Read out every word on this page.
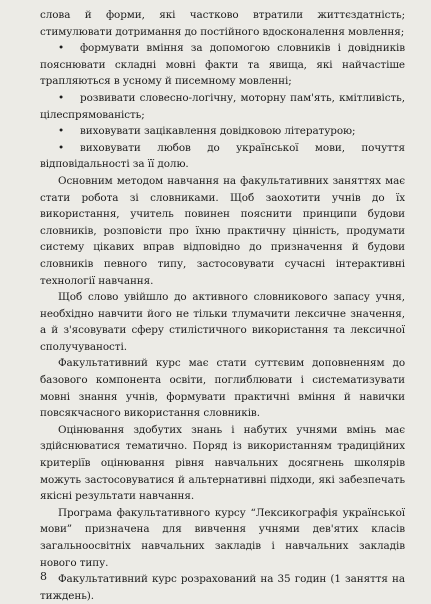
слова й форми, які частково втратили життєздатність; стимулювати дотримання до постійного вдосконалення мовлення;

• формувати вміння за допомогою словників і довідників пояснювати складні мовні факти та явища, які найчастіше трапляються в усному й писемному мовленні;

• розвивати словесно-логічну, моторну пам'ять, кмітливість, цілеспрямованість;

• виховувати зацікавлення довідковою літературою;

• виховувати любов до української мови, почуття відповідальності за її долю.

Основним методом навчання на факультативних заняттях має стати робота зі словниками. Щоб заохотити учнів до їх використання, учитель повинен пояснити принципи будови словників, розповісти про їхню практичну цінність, продумати систему цікавих вправ відповідно до призначення й будови словників певного типу, застосовувати сучасні інтерактивні технології навчання.

Щоб слово увійшло до активного словникового запасу учня, необхідно навчити його не тільки тлумачити лексичне значення, а й з'ясовувати сферу стилістичного використання та лексичної сполучуваності.

Факультативний курс має стати суттєвим доповненням до базового компонента освіти, поглиблювати і систематизувати мовні знання учнів, формувати практичні вміння й навички повсякчасного використання словників.

Оцінювання здобутих знань і набутих учнями вмінь має здійснюватися тематично. Поряд із використанням традиційних критеріїв оцінювання рівня навчальних досягнень школярів можуть застосовуватися й альтернативні підходи, які забезпечать якісні результати навчання.

Програма факультативного курсу “Лексикографія української мови” призначена для вивчення учнями дев'ятих класів загальноосвітніх навчальних закладів і навчальних закладів нового типу.

Факультативний курс розрахований на 35 годин (1 заняття на тиждень).

8
